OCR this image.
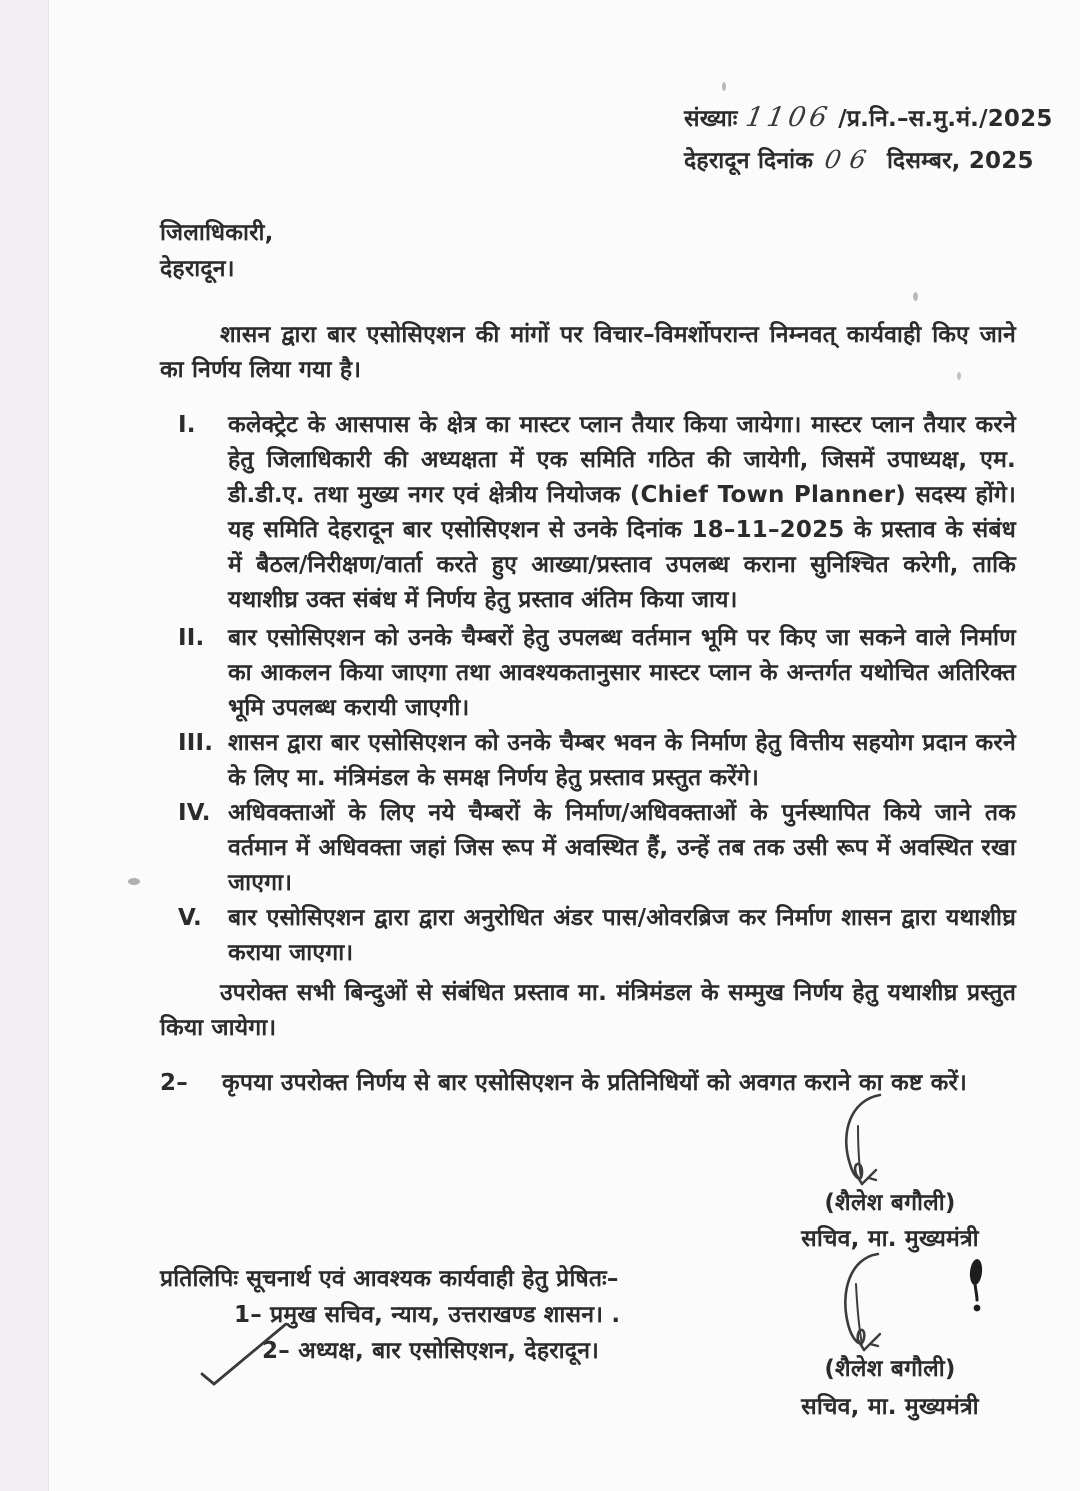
संख्याः 1106 /प्र.नि.–स.मु.मं./2025
देहरादून दिनांक 06 दिसम्बर, 2025
जिलाधिकारी,
देहरादून।
शासन द्वारा बार एसोसिएशन की मांगों पर विचार–विमर्शोपरान्त निम्नवत् कार्यवाही किए जाने का निर्णय लिया गया है।
I.	कलेक्ट्रेट के आसपास के क्षेत्र का मास्टर प्लान तैयार किया जायेगा। मास्टर प्लान तैयार करने हेतु जिलाधिकारी की अध्यक्षता में एक समिति गठित की जायेगी, जिसमें उपाध्यक्ष, एम. डी.डी.ए. तथा मुख्य नगर एवं क्षेत्रीय नियोजक (Chief Town Planner) सदस्य होंगे। यह समिति देहरादून बार एसोसिएशन से उनके दिनांक 18–11–2025 के प्रस्ताव के संबंध में बैठल/निरीक्षण/वार्ता करते हुए आख्या/प्रस्ताव उपलब्ध कराना सुनिश्चित करेगी, ताकि यथाशीघ्र उक्त संबंध में निर्णय हेतु प्रस्ताव अंतिम किया जाय।
II.	बार एसोसिएशन को उनके चैम्बरों हेतु उपलब्ध वर्तमान भूमि पर किए जा सकने वाले निर्माण का आकलन किया जाएगा तथा आवश्यकतानुसार मास्टर प्लान के अन्तर्गत यथोचित अतिरिक्त भूमि उपलब्ध करायी जाएगी।
III. शासन द्वारा बार एसोसिएशन को उनके चैम्बर भवन के निर्माण हेतु वित्तीय सहयोग प्रदान करने के लिए मा. मंत्रिमंडल के समक्ष निर्णय हेतु प्रस्ताव प्रस्तुत करेंगे।
IV. अधिवक्ताओं के लिए नये चैम्बरों के निर्माण/अधिवक्ताओं के पुर्नस्थापित किये जाने तक वर्तमान में अधिवक्ता जहां जिस रूप में अवस्थित हैं, उन्हें तब तक उसी रूप में अवस्थित रखा जाएगा।
V.	बार एसोसिएशन द्वारा द्वारा अनुरोधित अंडर पास/ओवरब्रिज कर निर्माण शासन द्वारा यथाशीघ्र कराया जाएगा।
उपरोक्त सभी बिन्दुओं से संबंधित प्रस्ताव मा. मंत्रिमंडल के सम्मुख निर्णय हेतु यथाशीघ्र प्रस्तुत किया जायेगा।
2–	कृपया उपरोक्त निर्णय से बार एसोसिएशन के प्रतिनिधियों को अवगत कराने का कष्ट करें।
(शैलेश बगौली)
सचिव, मा. मुख्यमंत्री
प्रतिलिपिः सूचनार्थ एवं आवश्यक कार्यवाही हेतु प्रेषितः–
1– प्रमुख सचिव, न्याय, उत्तराखण्ड शासन। .
2– अध्यक्ष, बार एसोसिएशन, देहरादून।
(शैलेश बगौली)
सचिव, मा. मुख्यमंत्री
